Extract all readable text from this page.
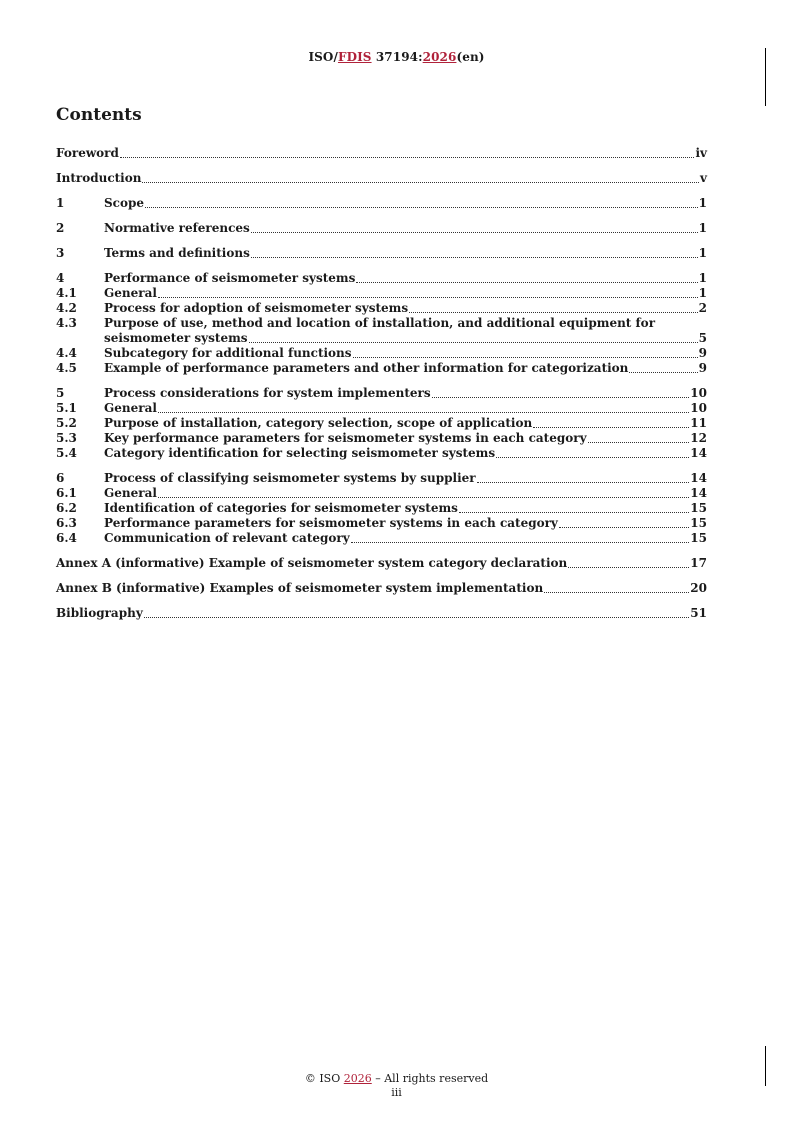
ISO/FDIS 37194:2026(en)
Contents
Foreword	iv
Introduction	v
1	Scope	1
2	Normative references	1
3	Terms and definitions	1
4	Performance of seismometer systems	1
4.1	General	1
4.2	Process for adoption of seismometer systems	2
4.3	Purpose of use, method and location of installation, and additional equipment for
seismometer systems	5
4.4	Subcategory for additional functions	9
4.5	Example of performance parameters and other information for categorization	9
5	Process considerations for system implementers	10
5.1	General	10
5.2	Purpose of installation, category selection, scope of application	11
5.3	Key performance parameters for seismometer systems in each category	12
5.4	Category identification for selecting seismometer systems	14
6	Process of classifying seismometer systems by supplier	14
6.1	General	14
6.2	Identification of categories for seismometer systems	15
6.3	Performance parameters for seismometer systems in each category	15
6.4	Communication of relevant category	15
Annex A (informative) Example of seismometer system category declaration	17
Annex B (informative) Examples of seismometer system implementation	20
Bibliography	51
© ISO 2026 – All rights reserved
iii
